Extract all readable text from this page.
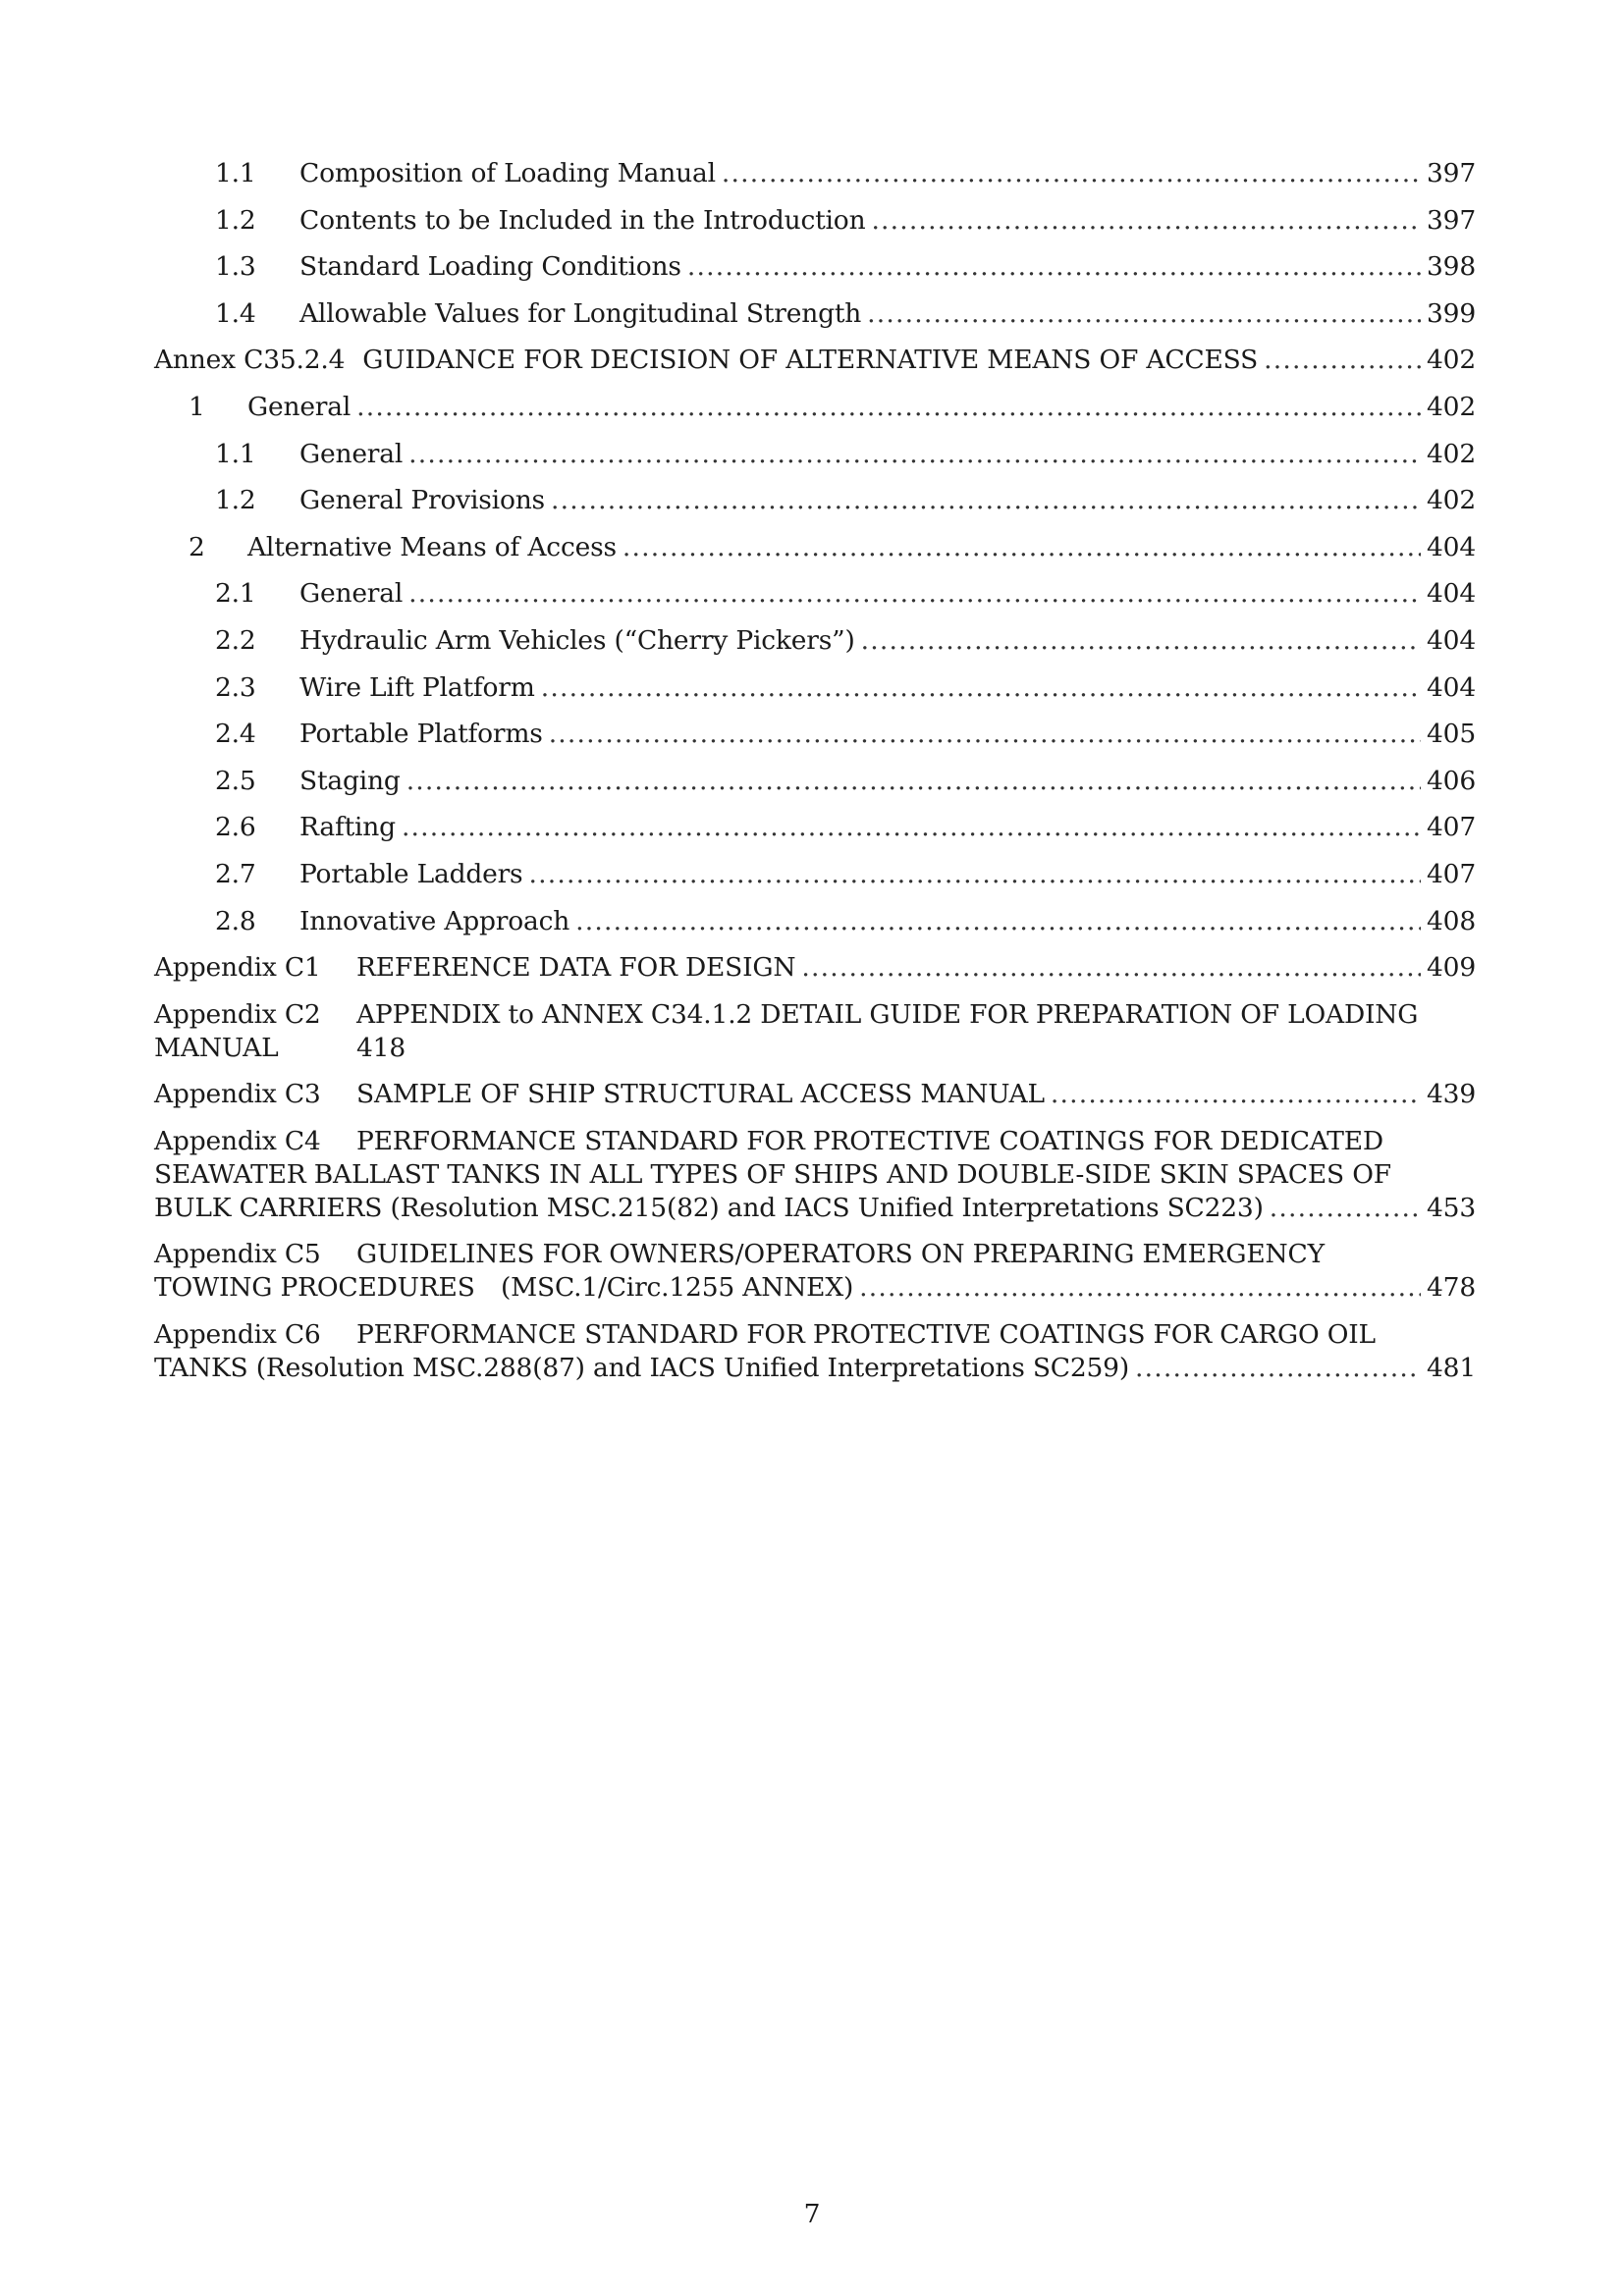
1.1	Composition of Loading Manual .....	397
1.2	Contents to be Included in the Introduction .....	397
1.3	Standard Loading Conditions .....	398
1.4	Allowable Values for Longitudinal Strength .....	399
Annex C35.2.4 GUIDANCE FOR DECISION OF ALTERNATIVE MEANS OF ACCESS .....	402
1	General .....	402
1.1	General .....	402
1.2	General Provisions .....	402
2	Alternative Means of Access .....	404
2.1	General .....	404
2.2	Hydraulic Arm Vehicles (“Cherry Pickers”) .....	404
2.3	Wire Lift Platform .....	404
2.4	Portable Platforms .....	405
2.5	Staging .....	406
2.6	Rafting .....	407
2.7	Portable Ladders .....	407
2.8	Innovative Approach .....	408
Appendix C1	REFERENCE DATA FOR DESIGN .....	409
Appendix C2	APPENDIX to ANNEX C34.1.2 DETAIL GUIDE FOR PREPARATION OF LOADING
MANUAL	418
Appendix C3	SAMPLE OF SHIP STRUCTURAL ACCESS MANUAL .....	439
Appendix C4	PERFORMANCE STANDARD FOR PROTECTIVE COATINGS FOR DEDICATED
SEAWATER BALLAST TANKS IN ALL TYPES OF SHIPS AND DOUBLE-SIDE SKIN SPACES OF
BULK CARRIERS (Resolution MSC.215(82) and IACS Unified Interpretations SC223) .....	453
Appendix C5	GUIDELINES FOR OWNERS/OPERATORS ON PREPARING EMERGENCY
TOWING PROCEDURES　(MSC.1/Circ.1255 ANNEX) .....	478
Appendix C6	PERFORMANCE STANDARD FOR PROTECTIVE COATINGS FOR CARGO OIL
TANKS (Resolution MSC.288(87) and IACS Unified Interpretations SC259) .....	481
7
